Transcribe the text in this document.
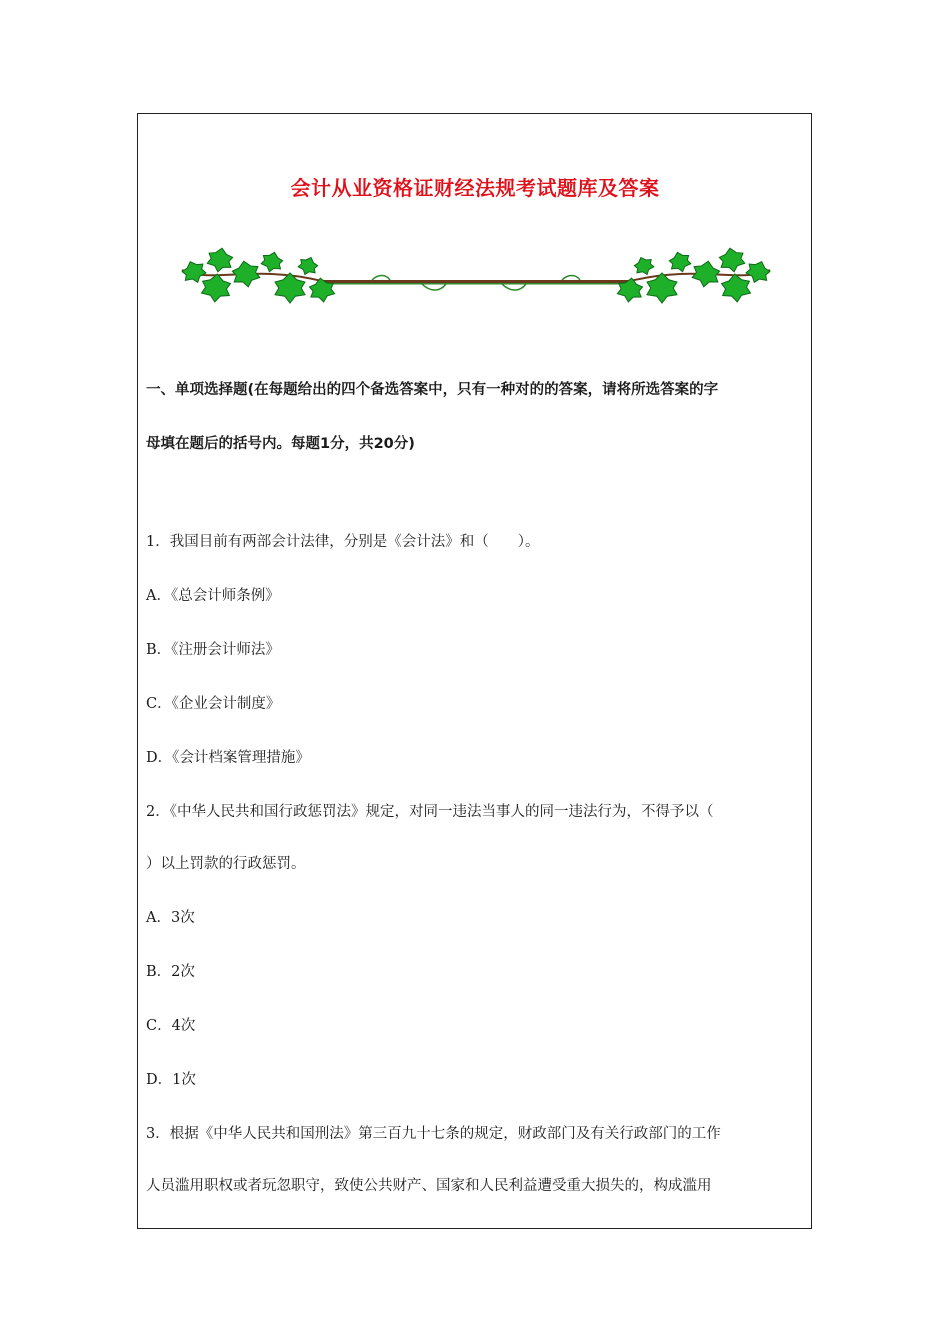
会计从业资格证财经法规考试题库及答案
一、单项选择题(在每题给出的四个备选答案中，只有一种对的的答案，请将所选答案的字
母填在题后的括号内。每题1分，共20分)
1．我国目前有两部会计法律，分别是《会计法》和（　　）。
A．《总会计师条例》
B．《注册会计师法》
C．《企业会计制度》
D．《会计档案管理措施》
2．《中华人民共和国行政惩罚法》规定，对同一违法当事人的同一违法行为，不得予以（
）以上罚款的行政惩罚。
A．3次
B．2次
C．4次
D．1次
3．根据《中华人民共和国刑法》第三百九十七条的规定，财政部门及有关行政部门的工作
人员滥用职权或者玩忽职守，致使公共财产、国家和人民利益遭受重大损失的，构成滥用
